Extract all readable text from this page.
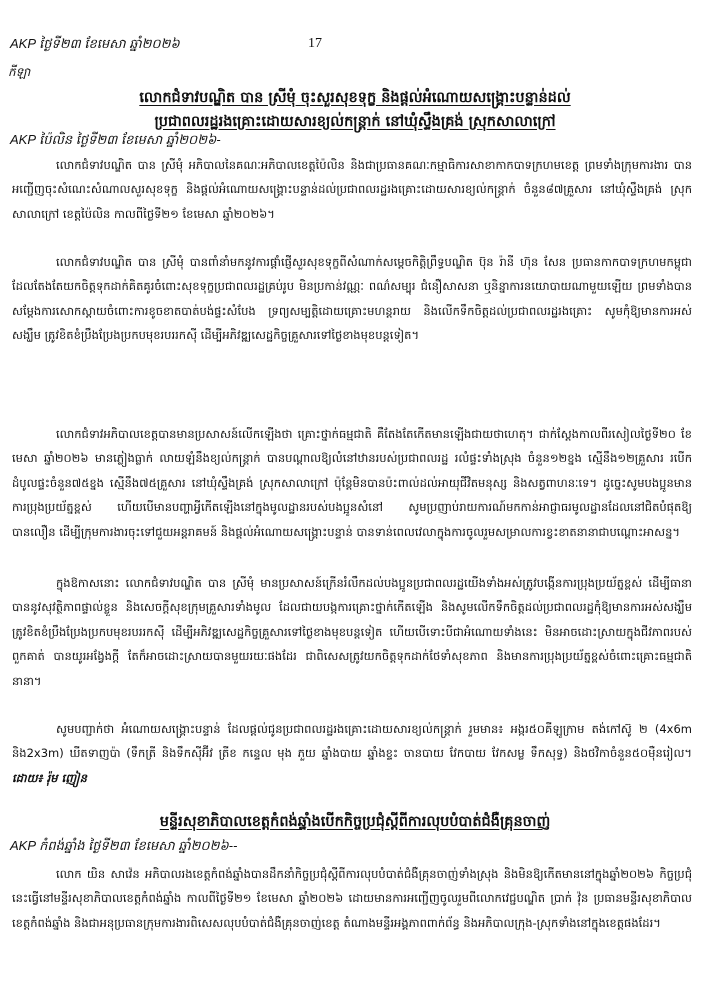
AKP ថ្ងៃទី២៣ ខែមេសា ឆ្នាំ២០២៦	17
កីឡា
លោកជំទាវបណ្ឌិត បាន ស្រីមុំ ចុះសួរសុខទុក្ខ និងផ្តល់អំណោយសង្គ្រោះបន្ទាន់ដល់
ប្រជាពលរដ្ឋរងគ្រោះដោយសារខ្យល់កន្ត្រាក់ នៅឃុំស្ទឹងគ្រង់ ស្រុកសាលាក្រៅ
AKP ប៉ៃលិន ថ្ងៃទី២៣ ខែមេសា ឆ្នាំ២០២៦-

លោកជំទាវបណ្ឌិត បាន ស្រីមុំ អភិបាលនៃគណៈអភិបាលខេត្តប៉ៃលិន និងជាប្រធានគណៈកម្មាធិការសាខាកាកបាទក្រហមខេត្ត ព្រមទាំងក្រុមការងារ បានអញ្ជើញចុះសំណេះសំណាលសួរសុខទុក្ខ និងផ្តល់អំណោយសង្គ្រោះបន្ទាន់ដល់ប្រជាពលរដ្ឋរងគ្រោះដោយសារខ្យល់កន្ត្រាក់ ចំនួន៨៧គ្រួសារ នៅឃុំស្ទឹងគ្រង់ ស្រុកសាលាក្រៅ ខេត្តប៉ៃលិន កាលពីថ្ងៃទី២១ ខែមេសា ឆ្នាំ២០២៦។

លោកជំទាវបណ្ឌិត បាន ស្រីមុំ បានពាំនាំមកនូវការផ្តាំផ្ញើសួរសុខទុក្ខពីសំណាក់សម្តេចកិត្តិព្រឹទ្ធបណ្ឌិត ប៊ុន រ៉ានី ហ៊ុន សែន ប្រធានកាកបាទក្រហមកម្ពុជា ដែលតែងតែយកចិត្តទុកដាក់គិតគូរចំពោះសុខទុក្ខប្រជាពលរដ្ឋគ្រប់រូប មិនប្រកាន់វណ្ណៈ ពណ៌សម្បុរ ជំនឿសាសនា ឬនិន្នាការនយោបាយណាមួយឡើយ ព្រមទាំងបានសម្តែងការសោកស្តាយចំពោះការខូចខាតបាត់បង់ផ្ទះសំបែង ទ្រព្យសម្បត្តិដោយគ្រោះមហន្តរាយ និងលើកទឹកចិត្តដល់ប្រជាពលរដ្ឋរងគ្រោះ សូមកុំឱ្យមានការអស់សង្ឃឹម ត្រូវខិតខំប្រឹងប្រែងប្រកបមុខរបររកស៊ី ដើម្បីអភិវឌ្ឍសេដ្ឋកិច្ចគ្រួសារទៅថ្ងៃខាងមុខបន្តទៀត។

លោកជំទាវអភិបាលខេត្តបានមានប្រសាសន៍លើកឡើងថា គ្រោះថ្នាក់ធម្មជាតិ គឺតែងតែកើតមានឡើងជាយថាហេតុ។ ជាក់ស្តែងកាលពីរសៀលថ្ងៃទី២០ ខែមេសា ឆ្នាំ២០២៦ មានភ្លៀងធ្លាក់ លាយឡំនឹងខ្យល់កន្ត្រាក់ បានបណ្តាលឱ្យលំនៅឋានរបស់ប្រជាពលរដ្ឋ រលំផ្ទះទាំងស្រុង ចំនួន១២ខ្នង ស្មើនឹង១២គ្រួសារ របើកដំបូលផ្ទះចំនួន៧៥ខ្នង ស្មើនឹង៧៥គ្រួសារ នៅឃុំស្ទឹងគ្រង់ ស្រុកសាលាក្រៅ ប៉ុន្តែមិនបានប៉ះពាល់ដល់អាយុជីវិតមនុស្ស និងសត្វពាហនៈទេ។ ដូច្នេះសូមបងប្អូនមានការប្រុងប្រយ័ត្នខ្ពស់ ហើយបើមានបញ្ហាអ្វីកើតឡើងនៅក្នុងមូលដ្ឋានរបស់បងប្អូនសំនៅ សូមប្រញាប់រាយការណ៍មកកាន់អាជ្ញាធរមូលដ្ឋានដែលនៅជិតបំផុតឱ្យបានលឿន ដើម្បីក្រុមការងារចុះទៅជួយអន្តរាគមន៍ និងផ្តល់អំណោយសង្គ្រោះបន្ទាន់ បានទាន់ពេលវេលាក្នុងការចូលរួមសម្រាលការខ្វះខាតនានាជាបណ្តោះអាសន្ន។

ក្នុងឱកាសនោះ លោកជំទាវបណ្ឌិត បាន ស្រីមុំ មានប្រសាសន៍ក្រើនរំលឹកដល់បងប្អូនប្រជាពលរដ្ឋយើងទាំងអស់ត្រូវបង្កើនការប្រុងប្រយ័ត្នខ្ពស់ ដើម្បីធានាបាននូវសុវត្ថិភាពផ្ទាល់ខ្លួន និងសេចក្តីសុខក្រុមគ្រួសារទាំងមូល ដែលជាយបង្កការគ្រោះថ្នាក់កើតឡើង និងសូមលើកទឹកចិត្តដល់ប្រជាពលរដ្ឋកុំឱ្យមានការអស់សង្ឃឹមត្រូវខិតខំប្រឹងប្រែងប្រកបមុខរបររកស៊ី ដើម្បីអភិវឌ្ឍសេដ្ឋកិច្ចគ្រួសារទៅថ្ងៃខាងមុខបន្តទៀត ហើយបើទោះបីជាអំណោយទាំងនេះ មិនអាចដោះស្រាយក្នុងជីវភាពរបស់ពួកគាត់ បានយូរអង្វែងក្តី តែក៏អាចដោះស្រាយបានមួយរយៈផងដែរ ជាពិសេសត្រូវយកចិត្តទុកដាក់ថែទាំសុខភាព និងមានការប្រុងប្រយ័ត្នខ្ពស់ចំពោះគ្រោះធម្មជាតិនានា។

សូមបញ្ជាក់ថា អំណោយសង្គ្រោះបន្ទាន់ ដែលផ្តល់ជូនប្រជាពលរដ្ឋរងគ្រោះដោយសារខ្យល់កន្ត្រាក់ រួមមាន៖ អង្ករ៥០គីឡូក្រាម តង់កៅស៊ូ ២ (4x6m និង2x3m) ឃីតទាញប៉ា (ទឹកត្រី និងទឹកស៊ីអ៊ីវ ត្រីខ កន្ទេល មុង ភួយ ឆ្នាំងបាយ ឆ្នាំងខ្ទះ ចានបាយ វែកបាយ វែកសម្ល ទឹកសុទ្ធ) និងថវិកាចំនួន៥០ម៉ឺនរៀល។ ដោយ៖ រ៉ុម ញៀន

មន្ទីរសុខាភិបាលខេត្តកំពង់ឆ្នាំងបើកកិច្ចប្រជុំស្តីពីការលុបបំបាត់ជំងឺគ្រុនចាញ់
AKP កំពង់ឆ្នាំង ថ្ងៃទី២៣ ខែមេសា ឆ្នាំ២០២៦--

លោក យិន សាវ៉េន អភិបាលរងខេត្តកំពង់ឆ្នាំងបានដឹកនាំកិច្ចប្រជុំស្តីពីការលុបបំបាត់ជំងឺគ្រុនចាញ់ទាំងស្រុង និងមិនឱ្យកើតមាននៅក្នុងឆ្នាំ២០២៦ កិច្ចប្រជុំនេះធ្វើនៅមន្ទីរសុខាភិបាលខេត្តកំពង់ឆ្នាំង កាលពីថ្ងៃទី២១ ខែមេសា ឆ្នាំ២០២៦ ដោយមានការអញ្ជើញចូលរួមពីលោកវេជ្ជបណ្ឌិត ប្រាក់ វ៉ុន ប្រធានមន្ទីរសុខាភិបាលខេត្តកំពង់ឆ្នាំង និងជាអនុប្រធានក្រុមការងារពិសេសលុបបំបាត់ជំងឺគ្រុនចាញ់ខេត្ត តំណាងមន្ទីរអង្គភាពពាក់ព័ន្ធ និងអភិបាលក្រុង-ស្រុកទាំងនៅក្នុងខេត្តផងដែរ។
